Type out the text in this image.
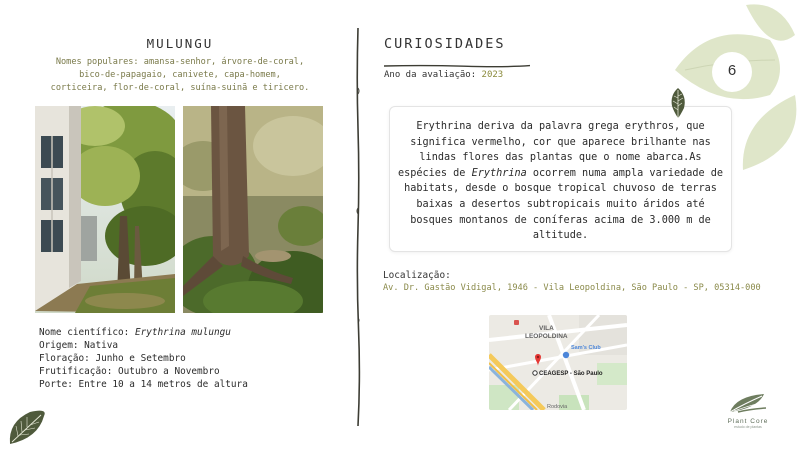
MULUNGU
Nomes populares: amansa-senhor, árvore-de-coral,
bico-de-papagaio, canivete, capa-homem,
corticeira, flor-de-coral, suína-suinã e tiricero.
Nome científico: Erythrina mulungu
Origem: Nativa
Floração: Junho e Setembro
Frutificação: Outubro a Novembro
Porte: Entre 10 a 14 metros de altura
CURIOSIDADES
Ano da avaliação: 2023
Erythrina deriva da palavra grega erythros, que significa vermelho, cor que aparece brilhante nas lindas flores das plantas que o nome abarca.As espécies de Erythrina ocorrem numa ampla variedade de habitats, desde o bosque tropical chuvoso de terras baixas a desertos subtropicais muito áridos até bosques montanos de coníferas acima de 3.000 m de altitude.
Localização:
Av. Dr. Gastão Vidigal, 1946 - Vila Leopoldina, São Paulo - SP, 05314-000
VILA
LEOPOLDINA
Sam's Club
CEAGESP - São Paulo
Rodovia
6
Plant Core
estudo de plantas
